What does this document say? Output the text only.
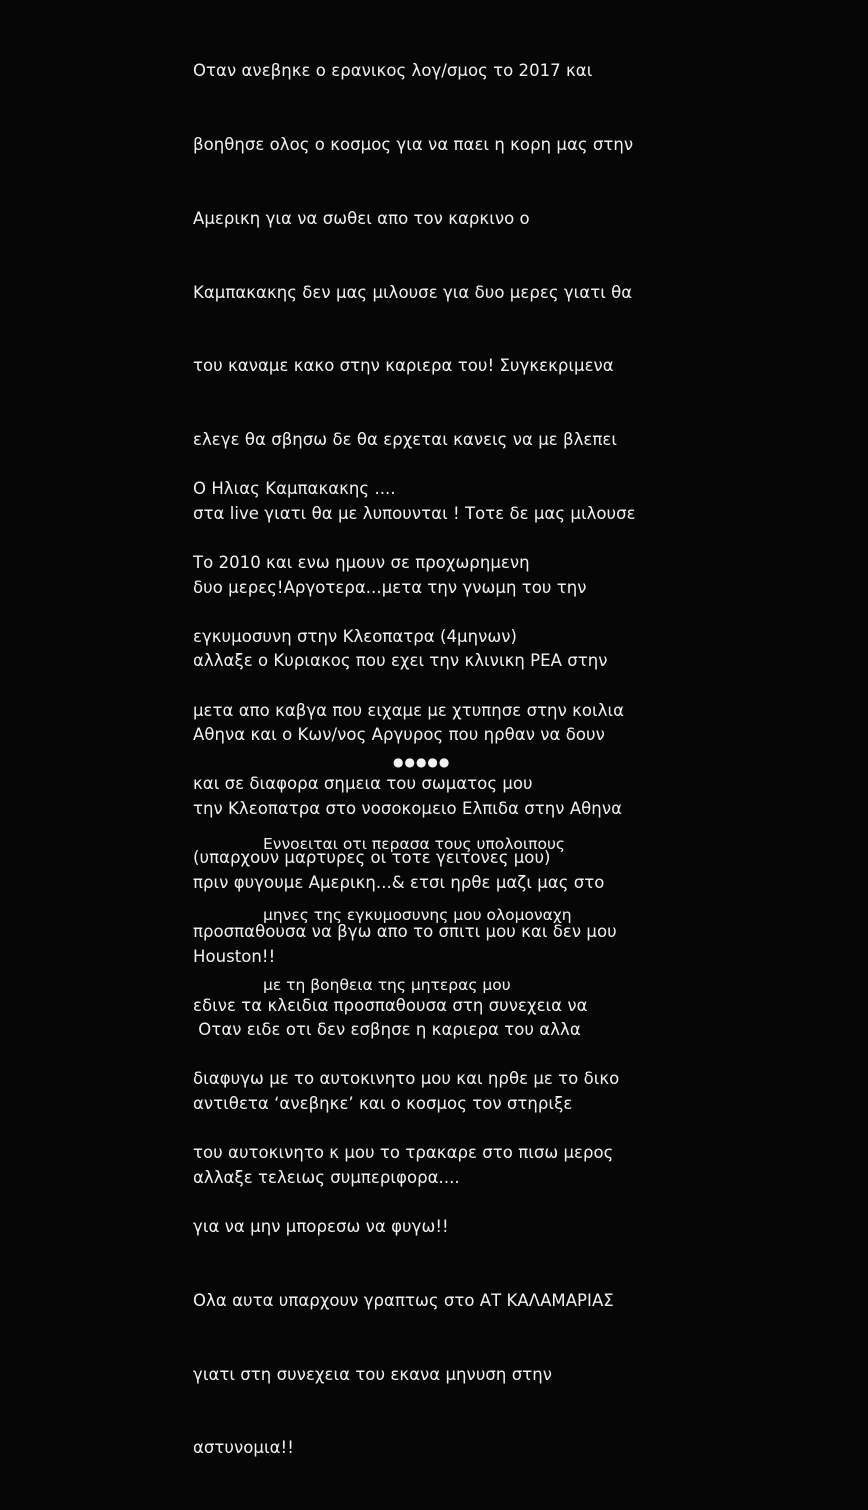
Οταν ανεβηκε ο ερανικος λογ/σμος το 2017 και

βοηθησε ολος ο κοσμος για να παει η κορη μας στην

Αμερικη για να σωθει απο τον καρκινο ο

Καμπακακης δεν μας μιλουσε για δυο μερες γιατι θα

του καναμε κακο στην καριερα του! Συγκεκριμενα

ελεγε θα σβησω δε θα ερχεται κανεις να με βλεπει

στα live γιατι θα με λυπουνται ! Τοτε δε μας μιλουσε

δυο μερες!Αργοτερα...μετα την γνωμη του την

αλλαξε ο Κυριακος που εχει την κλινικη ΡΕΑ στην

Αθηνα και ο Κων/νος Αργυρος που ηρθαν να δουν

την Κλεοπατρα στο νοσοκομειο Ελπιδα στην Αθηνα

πριν φυγουμε Αμερικη...& ετσι ηρθε μαζι μας στο

Houston!!

Οταν ειδε οτι δεν εσβησε η καριερα του αλλα

αντιθετα ‘ανεβηκε’ και ο κοσμος τον στηριξε

αλλαξε τελειως συμπεριφορα....

Ο Ηλιας Καμπακακης ....

Το 2010 και ενω ημουν σε προχωρημενη

εγκυμοσυνη στην Κλεοπατρα (4μηνων)

μετα απο καβγα που ειχαμε με χτυπησε στην κοιλια

και σε διαφορα σημεια του σωματος μου

(υπαρχουν μαρτυρες οι τοτε γειτονες μου)

προσπαθουσα να βγω απο το σπιτι μου και δεν μου

εδινε τα κλειδια προσπαθουσα στη συνεχεια να

διαφυγω με το αυτοκινητο μου και ηρθε με το δικο

του αυτοκινητο κ μου το τρακαρε στο πισω μερος

για να μην μπορεσω να φυγω!!

Ολα αυτα υπαρχουν γραπτως στο ΑΤ ΚΑΛΑΜΑΡΙΑΣ

γιατι στη συνεχεια του εκανα μηνυση στην

αστυνομια!!

●●●●●

Εννοειται οτι περασα τους υπολοιπους

μηνες της εγκυμοσυνης μου ολομοναχη

με τη βοηθεια της μητερας μου
